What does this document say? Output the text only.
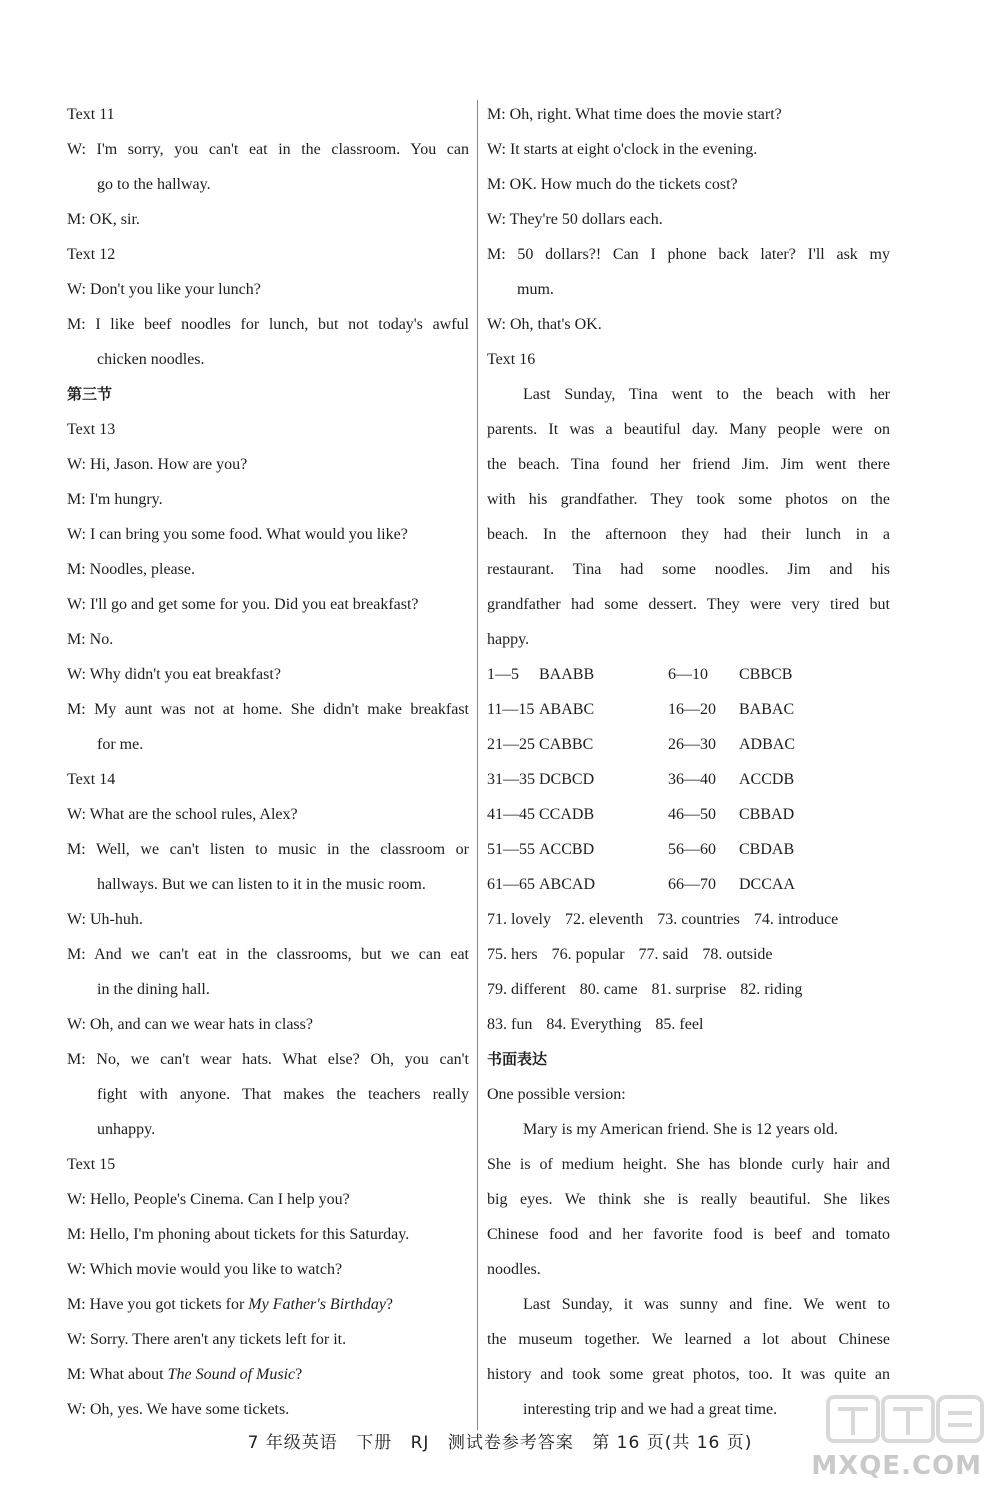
Text 11
W: I'm sorry, you can't eat in the classroom. You can
go to the hallway.
M: OK, sir.
Text 12
W: Don't you like your lunch?
M: I like beef noodles for lunch, but not today's awful
chicken noodles.
第三节
Text 13
W: Hi, Jason. How are you?
M: I'm hungry.
W: I can bring you some food. What would you like?
M: Noodles, please.
W: I'll go and get some for you. Did you eat breakfast?
M: No.
W: Why didn't you eat breakfast?
M: My aunt was not at home. She didn't make breakfast
for me.
Text 14
W: What are the school rules, Alex?
M: Well, we can't listen to music in the classroom or
hallways. But we can listen to it in the music room.
W: Uh-huh.
M: And we can't eat in the classrooms, but we can eat
in the dining hall.
W: Oh, and can we wear hats in class?
M: No, we can't wear hats. What else? Oh, you can't
fight with anyone. That makes the teachers really
unhappy.
Text 15
W: Hello, People's Cinema. Can I help you?
M: Hello, I'm phoning about tickets for this Saturday.
W: Which movie would you like to watch?
M: Have you got tickets for My Father's Birthday?
W: Sorry. There aren't any tickets left for it.
M: What about The Sound of Music?
W: Oh, yes. We have some tickets.
M: Oh, right. What time does the movie start?
W: It starts at eight o'clock in the evening.
M: OK. How much do the tickets cost?
W: They're 50 dollars each.
M: 50 dollars?! Can I phone back later? I'll ask my
mum.
W: Oh, that's OK.
Text 16
Last Sunday, Tina went to the beach with her
parents. It was a beautiful day. Many people were on
the beach. Tina found her friend Jim. Jim went there
with his grandfather. They took some photos on the
beach. In the afternoon they had their lunch in a
restaurant. Tina had some noodles. Jim and his
grandfather had some dessert. They were very tired but
happy.
1—5	BAABB	6—10	CBBCB
11—15 ABABC	16—20	BABAC
21—25 CABBC	26—30	ADBAC
31—35 DCBCD	36—40	ACCDB
41—45 CCADB	46—50	CBBAD
51—55 ACCBD	56—60	CBDAB
61—65 ABCAD	66—70	DCCAA
71. lovely 72. eleventh 73. countries 74. introduce
75. hers 76. popular 77. said 78. outside
79. different 80. came 81. surprise 82. riding
83. fun 84. Everything 85. feel
书面表达
One possible version:
Mary is my American friend. She is 12 years old.
She is of medium height. She has blonde curly hair and
big eyes. We think she is really beautiful. She likes
Chinese food and her favorite food is beef and tomato
noodles.
Last Sunday, it was sunny and fine. We went to
the museum together. We learned a lot about Chinese
history and took some great photos, too. It was quite an
interesting trip and we had a great time.
7 年级英语 下册 RJ 测试卷参考答案 第 16 页(共 16 页)
MXQE.COM
